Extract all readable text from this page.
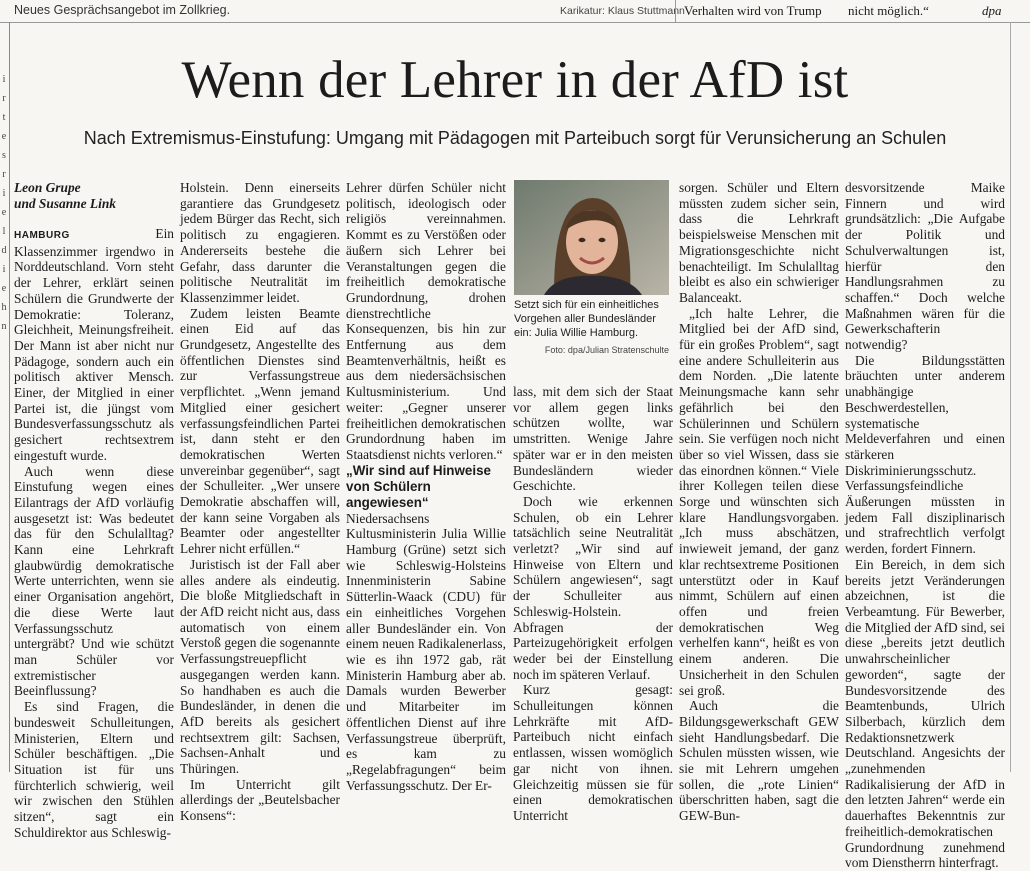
Neues Gesprächsangebot im Zollkrieg.	Karikatur: Klaus Stuttmann Verhalten wird von Trump nicht möglich.“	dpa
i
r
t
e
s
r
i
e
l
d
i
e
h
n
Wenn der Lehrer in der AfD ist
Nach Extremismus-Einstufung: Umgang mit Pädagogen mit Parteibuch sorgt für Verunsicherung an Schulen
Leon Grupe
und Susanne Link

HAMBURG	Ein Klassenzimmer irgendwo in Norddeutschland. Vorn steht der Lehrer, erklärt seinen Schülern die Grundwerte der Demokratie: Toleranz, Gleichheit, Meinungsfreiheit. Der Mann ist aber nicht nur Pädagoge, sondern auch ein politisch aktiver Mensch. Einer, der Mitglied in einer Partei ist, die jüngst vom Bundesverfassungsschutz als gesichert rechtsextrem eingestuft wurde.

Auch wenn diese Einstufung wegen eines Eilantrags der AfD vorläufig ausgesetzt ist: Was bedeutet das für den Schulalltag? Kann eine Lehrkraft glaubwürdig demokratische Werte unterrichten, wenn sie einer Organisation angehört, die diese Werte laut Verfassungsschutz untergräbt? Und wie schützt man Schüler vor extremistischer Beeinflussung?

Es sind Fragen, die bundesweit Schulleitungen, Ministerien, Eltern und Schüler beschäftigen. „Die Situation ist für uns fürchterlich schwierig, weil wir zwischen den Stühlen sitzen“, sagt ein Schuldirektor aus Schleswig-

Holstein. Denn einerseits garantiere das Grundgesetz jedem Bürger das Recht, sich politisch zu engagieren. Andererseits bestehe die Gefahr, dass darunter die politische Neutralität im Klassenzimmer leidet.

Zudem leisten Beamte einen Eid auf das Grundgesetz, Angestellte des öffentlichen Dienstes sind zur Verfassungstreue verpflichtet. „Wenn jemand Mitglied einer gesichert verfassungsfeindlichen Partei ist, dann steht er den demokratischen Werten unvereinbar gegenüber“, sagt der Schulleiter. „Wer unsere Demokratie abschaffen will, der kann seine Vorgaben als Beamter oder angestellter Lehrer nicht erfüllen.“

Juristisch ist der Fall aber alles andere als eindeutig. Die bloße Mitgliedschaft in der AfD reicht nicht aus, dass automatisch von einem Verstoß gegen die sogenannte Verfassungstreuepflicht ausgegangen werden kann. So handhaben es auch die Bundesländer, in denen die AfD bereits als gesichert rechtsextrem gilt: Sachsen, Sachsen-Anhalt und Thüringen.

Im Unterricht gilt allerdings der „Beutelsbacher Konsens“:

Lehrer dürfen Schüler nicht politisch, ideologisch oder religiös vereinnahmen. Kommt es zu Verstößen oder äußern sich Lehrer bei Veranstaltungen gegen die freiheitlich demokratische Grundordnung, drohen dienstrechtliche Konsequenzen, bis hin zur Entfernung aus dem Beamtenverhältnis, heißt es aus dem niedersächsischen Kultusministerium. Und weiter: „Gegner unserer freiheitlichen demokratischen Grundordnung haben im Staatsdienst nichts verloren.“

„Wir sind auf Hinweise von Schülern angewiesen“

Niedersachsens Kultusministerin Julia Willie Hamburg (Grüne) setzt sich wie Schleswig-Holsteins Innenministerin Sabine Sütterlin-Waack (CDU) für ein einheitliches Vorgehen aller Bundesländer ein. Von einem neuen Radikalenerlass, wie es ihn 1972 gab, rät Ministerin Hamburg aber ab. Damals wurden Bewerber und Mitarbeiter im öffentlichen Dienst auf ihre Verfassungstreue überprüft, es kam zu „Regelabfragungen“ beim Verfassungsschutz. Der Er-

Setzt sich für ein einheitliches Vorgehen aller Bundesländer ein: Julia Willie Hamburg.
Foto: dpa/Julian Stratenschulte

lass, mit dem sich der Staat vor allem gegen links schützen wollte, war umstritten. Wenige Jahre später war er in den meisten Bundesländern wieder Geschichte.

Doch wie erkennen Schulen, ob ein Lehrer tatsächlich seine Neutralität verletzt? „Wir sind auf Hinweise von Eltern und Schülern angewiesen“, sagt der Schulleiter aus Schleswig-Holstein. Abfragen der Parteizugehörigkeit erfolgen weder bei der Einstellung noch im späteren Verlauf.

Kurz gesagt: Schulleitungen können Lehrkräfte mit AfD-Parteibuch nicht einfach entlassen, wissen womöglich gar nicht von ihnen. Gleichzeitig müssen sie für einen demokratischen Unterricht

sorgen. Schüler und Eltern müssten zudem sicher sein, dass die Lehrkraft beispielsweise Menschen mit Migrationsgeschichte nicht benachteiligt. Im Schulalltag bleibt es also ein schwieriger Balanceakt.

„Ich halte Lehrer, die Mitglied bei der AfD sind, für ein großes Problem“, sagt eine andere Schulleiterin aus dem Norden. „Die latente Meinungsmache kann sehr gefährlich bei den Schülerinnen und Schülern sein. Sie verfügen noch nicht über so viel Wissen, dass sie das einordnen können.“ Viele ihrer Kollegen teilen diese Sorge und wünschten sich klare Handlungsvorgaben. „Ich muss abschätzen, inwieweit jemand, der ganz klar rechtsextreme Positionen unterstützt oder in Kauf nimmt, Schülern auf einen offen und freien demokratischen Weg verhelfen kann“, heißt es von einem anderen. Die Unsicherheit in den Schulen sei groß.

Auch die Bildungsgewerkschaft GEW sieht Handlungsbedarf. Die Schulen müssten wissen, wie sie mit Lehrern umgehen sollen, die „rote Linien“ überschritten haben, sagt die GEW-Bun-

desvorsitzende Maike Finnern und wird grundsätzlich: „Die Aufgabe der Politik und Schulverwaltungen ist, hierfür den Handlungsrahmen zu schaffen.“ Doch welche Maßnahmen wären für die Gewerkschafterin notwendig?

Die Bildungsstätten bräuchten unter anderem unabhängige Beschwerdestellen, systematische Meldeverfahren und einen stärkeren Diskriminierungsschutz. Verfassungsfeindliche Äußerungen müssten in jedem Fall disziplinarisch und strafrechtlich verfolgt werden, fordert Finnern.

Ein Bereich, in dem sich bereits jetzt Veränderungen abzeichnen, ist die Verbeamtung. Für Bewerber, die Mitglied der AfD sind, sei diese „bereits jetzt deutlich unwahrscheinlicher geworden“, sagte der Bundesvorsitzende des Beamtenbunds, Ulrich Silberbach, kürzlich dem Redaktionsnetzwerk Deutschland. Angesichts der „zunehmenden Radikalisierung der AfD in den letzten Jahren“ werde ein dauerhaftes Bekenntnis zur freiheitlich-demokratischen Grundordnung zunehmend vom Dienstherrn hinterfragt.
